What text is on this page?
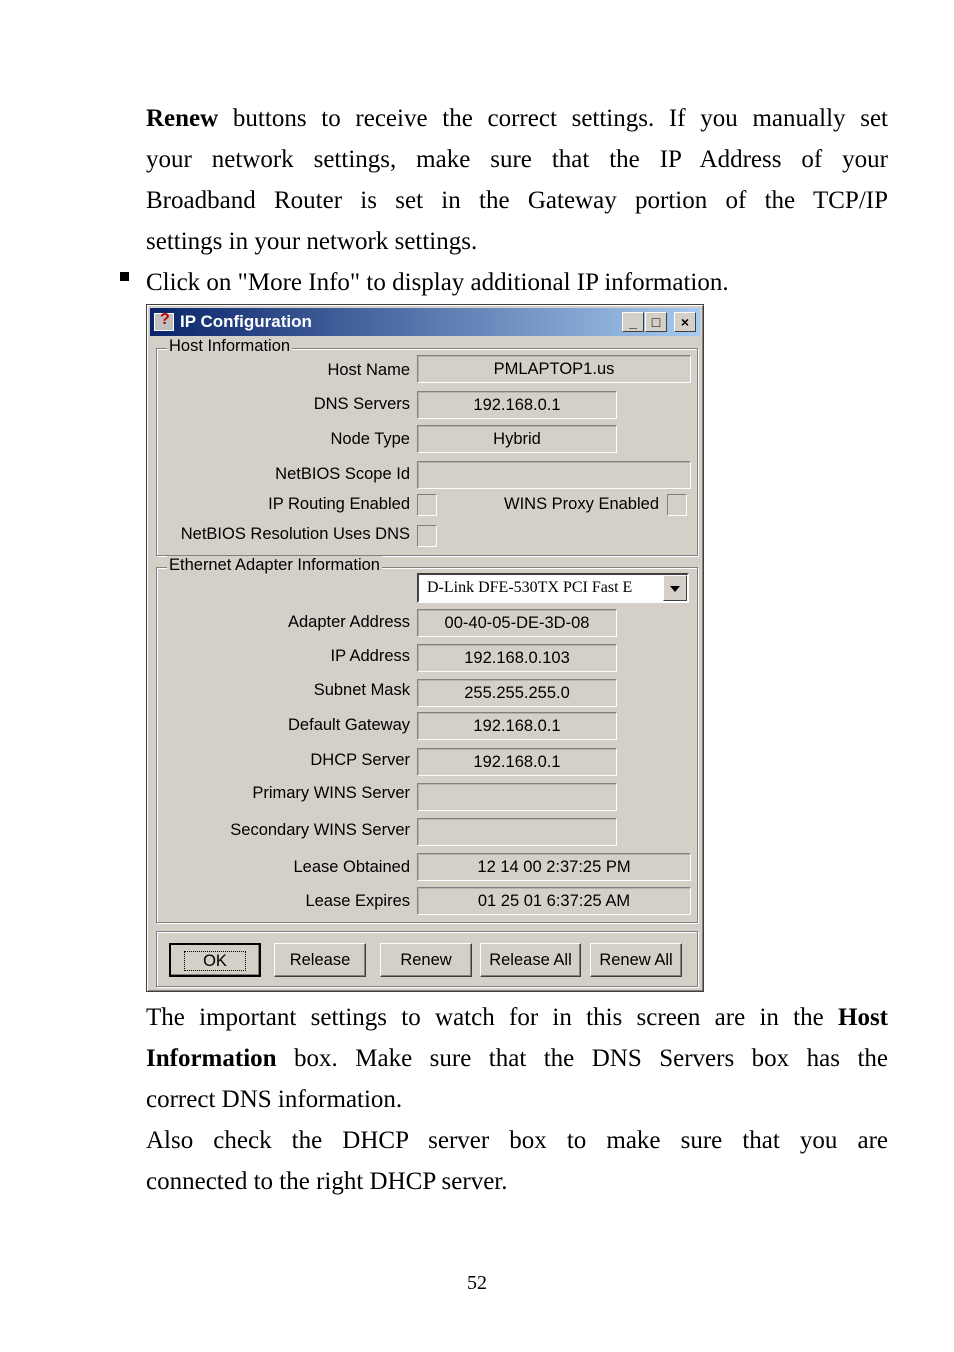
Renew buttons to receive the correct settings. If you manually set
your network settings, make sure that the IP Address of your
Broadband Router is set in the Gateway portion of the TCP/IP
settings in your network settings.
Click on "More Info" to display additional IP information.
?
IP Configuration	_	□	×
Host Information
Host Name	PMLAPTOP1.us
DNS Servers	192.168.0.1
Node Type	Hybrid
NetBIOS Scope Id
IP Routing Enabled	WINS Proxy Enabled
NetBIOS Resolution Uses DNS
Ethernet Adapter Information
D-Link DFE-530TX PCI Fast E
Adapter Address	00-40-05-DE-3D-08
IP Address	192.168.0.103
Subnet Mask	255.255.255.0
Default Gateway	192.168.0.1
DHCP Server	192.168.0.1
Primary WINS Server
Secondary WINS Server
Lease Obtained	12 14 00 2:37:25 PM
Lease Expires	01 25 01 6:37:25 AM
OK	Release	Renew	Release All	Renew All
The important settings to watch for in this screen are in the Host
Information box. Make sure that the DNS Servers box has the
correct DNS information.
Also check the DHCP server box to make sure that you are
connected to the right DHCP server.
52
